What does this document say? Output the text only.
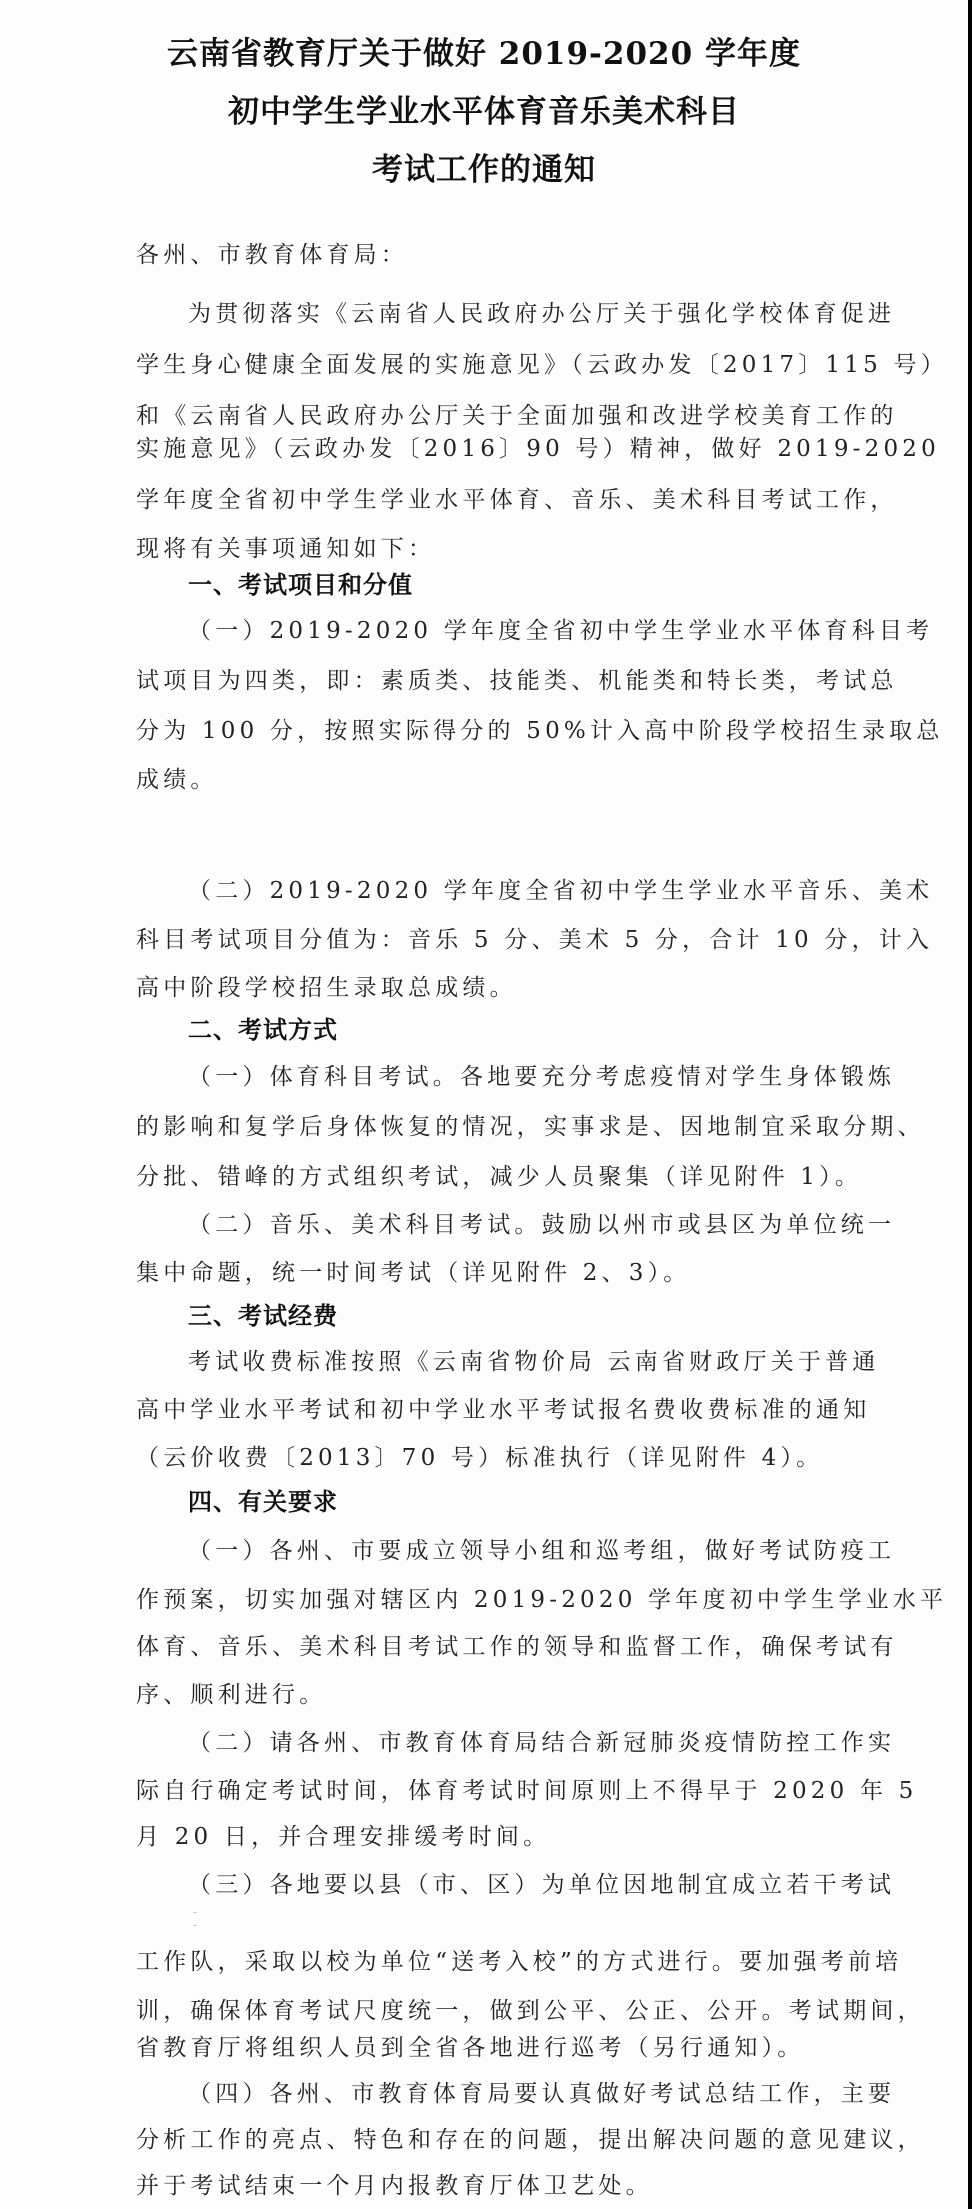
云南省教育厅关于做好 2019-2020 学年度
初中学生学业水平体育音乐美术科目
考试工作的通知
各州、市教育体育局：
为贯彻落实《云南省人民政府办公厅关于强化学校体育促进
学生身心健康全面发展的实施意见》（云政办发〔2017〕115 号）
和《云南省人民政府办公厅关于全面加强和改进学校美育工作的
实施意见》（云政办发〔2016〕90 号）精神，做好 2019-2020
学年度全省初中学生学业水平体育、音乐、美术科目考试工作，
现将有关事项通知如下：
一、考试项目和分值
（一）2019-2020 学年度全省初中学生学业水平体育科目考
试项目为四类，即：素质类、技能类、机能类和特长类，考试总
分为 100 分，按照实际得分的 50%计入高中阶段学校招生录取总
成绩。
（二）2019-2020 学年度全省初中学生学业水平音乐、美术
科目考试项目分值为：音乐 5 分、美术 5 分，合计 10 分，计入
高中阶段学校招生录取总成绩。
二、考试方式
（一）体育科目考试。各地要充分考虑疫情对学生身体锻炼
的影响和复学后身体恢复的情况，实事求是、因地制宜采取分期、
分批、错峰的方式组织考试，减少人员聚集（详见附件 1）。
（二）音乐、美术科目考试。鼓励以州市或县区为单位统一
集中命题，统一时间考试（详见附件 2、3）。
三、考试经费
考试收费标准按照《云南省物价局 云南省财政厅关于普通
高中学业水平考试和初中学业水平考试报名费收费标准的通知
（云价收费〔2013〕70 号）标准执行（详见附件 4）。
四、有关要求
（一）各州、市要成立领导小组和巡考组，做好考试防疫工
作预案，切实加强对辖区内 2019-2020 学年度初中学生学业水平
体育、音乐、美术科目考试工作的领导和监督工作，确保考试有
序、顺利进行。
（二）请各州、市教育体育局结合新冠肺炎疫情防控工作实
际自行确定考试时间，体育考试时间原则上不得早于 2020 年 5
月 20 日，并合理安排缓考时间。
（三）各地要以县（市、区）为单位因地制宜成立若干考试
工作队，采取以校为单位“送考入校”的方式进行。要加强考前培
训，确保体育考试尺度统一，做到公平、公正、公开。考试期间，
省教育厅将组织人员到全省各地进行巡考（另行通知）。
（四）各州、市教育体育局要认真做好考试总结工作，主要
分析工作的亮点、特色和存在的问题，提出解决问题的意见建议，
并于考试结束一个月内报教育厅体卫艺处。
